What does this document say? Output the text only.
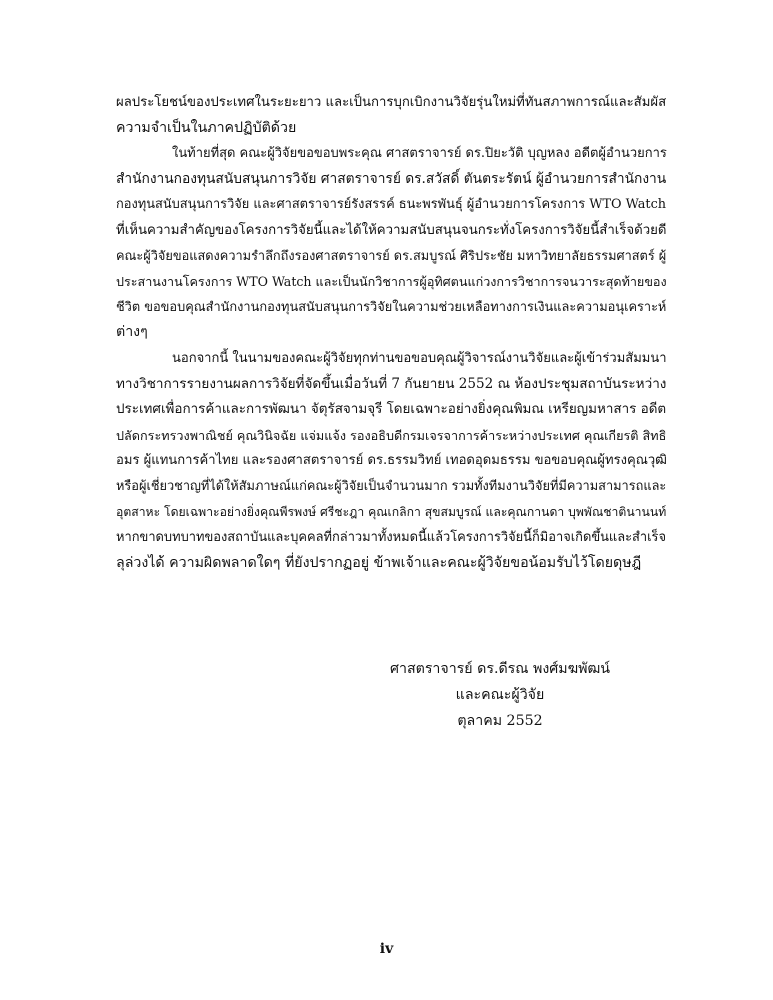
ผลประโยชน์ของประเทศในระยะยาว และเป็นการบุกเบิกงานวิจัยรุ่นใหม่ที่ทันสภาพการณ์และสัมผัส
ความจำเป็นในภาคปฏิบัติด้วย
ในท้ายที่สุด คณะผู้วิจัยขอขอบพระคุณ ศาสตราจารย์ ดร.ปิยะวัติ บุญหลง อดีตผู้อำนวยการ
สำนักงานกองทุนสนับสนุนการวิจัย ศาสตราจารย์ ดร.สวัสดิ์ ตันตระรัตน์ ผู้อำนวยการสำนักงาน
กองทุนสนับสนุนการวิจัย และศาสตราจารย์รังสรรค์ ธนะพรพันธุ์ ผู้อำนวยการโครงการ WTO Watch
ที่เห็นความสำคัญของโครงการวิจัยนี้และได้ให้ความสนับสนุนจนกระทั่งโครงการวิจัยนี้สำเร็จด้วยดี
คณะผู้วิจัยขอแสดงความรำลึกถึงรองศาสตราจารย์ ดร.สมบูรณ์ ศิริประชัย มหาวิทยาลัยธรรมศาสตร์ ผู้
ประสานงานโครงการ WTO Watch และเป็นนักวิชาการผู้อุทิศตนแก่วงการวิชาการจนวาระสุดท้ายของ
ชีวิต ขอขอบคุณสำนักงานกองทุนสนับสนุนการวิจัยในความช่วยเหลือทางการเงินและความอนุเคราะห์
ต่างๆ
นอกจากนี้ ในนามของคณะผู้วิจัยทุกท่านขอขอบคุณผู้วิจารณ์งานวิจัยและผู้เข้าร่วมสัมมนา
ทางวิชาการรายงานผลการวิจัยที่จัดขึ้นเมื่อวันที่ 7 กันยายน 2552 ณ ห้องประชุมสถาบันระหว่าง
ประเทศเพื่อการค้าและการพัฒนา จัตุรัสจามจุรี โดยเฉพาะอย่างยิ่งคุณพิมณ เหรียญมหาสาร อดีต
ปลัดกระทรวงพาณิชย์ คุณวินิจฉัย แจ่มแจ้ง รองอธิบดีกรมเจรจาการค้าระหว่างประเทศ คุณเกียรติ สิทธิ
อมร ผู้แทนการค้าไทย และรองศาสตราจารย์ ดร.ธรรมวิทย์ เทอดอุดมธรรม ขอขอบคุณผู้ทรงคุณวุฒิ
หรือผู้เชี่ยวชาญที่ได้ให้สัมภาษณ์แก่คณะผู้วิจัยเป็นจำนวนมาก รวมทั้งทีมงานวิจัยที่มีความสามารถและ
อุตสาหะ โดยเฉพาะอย่างยิ่งคุณพีรพงษ์ ศรีชะฎา คุณเกลิกา สุขสมบูรณ์ และคุณกานดา บุพพัณชาตินานนท์
หากขาดบทบาทของสถาบันและบุคคลที่กล่าวมาทั้งหมดนี้แล้วโครงการวิจัยนี้ก็มิอาจเกิดขึ้นและสำเร็จ
ลุล่วงได้ ความผิดพลาดใดๆ ที่ยังปรากฏอยู่ ข้าพเจ้าและคณะผู้วิจัยขอน้อมรับไว้โดยดุษฎี
ศาสตราจารย์ ดร.ดีรณ พงศ์มฆพัฒน์
และคณะผู้วิจัย
ตุลาคม 2552
iv
